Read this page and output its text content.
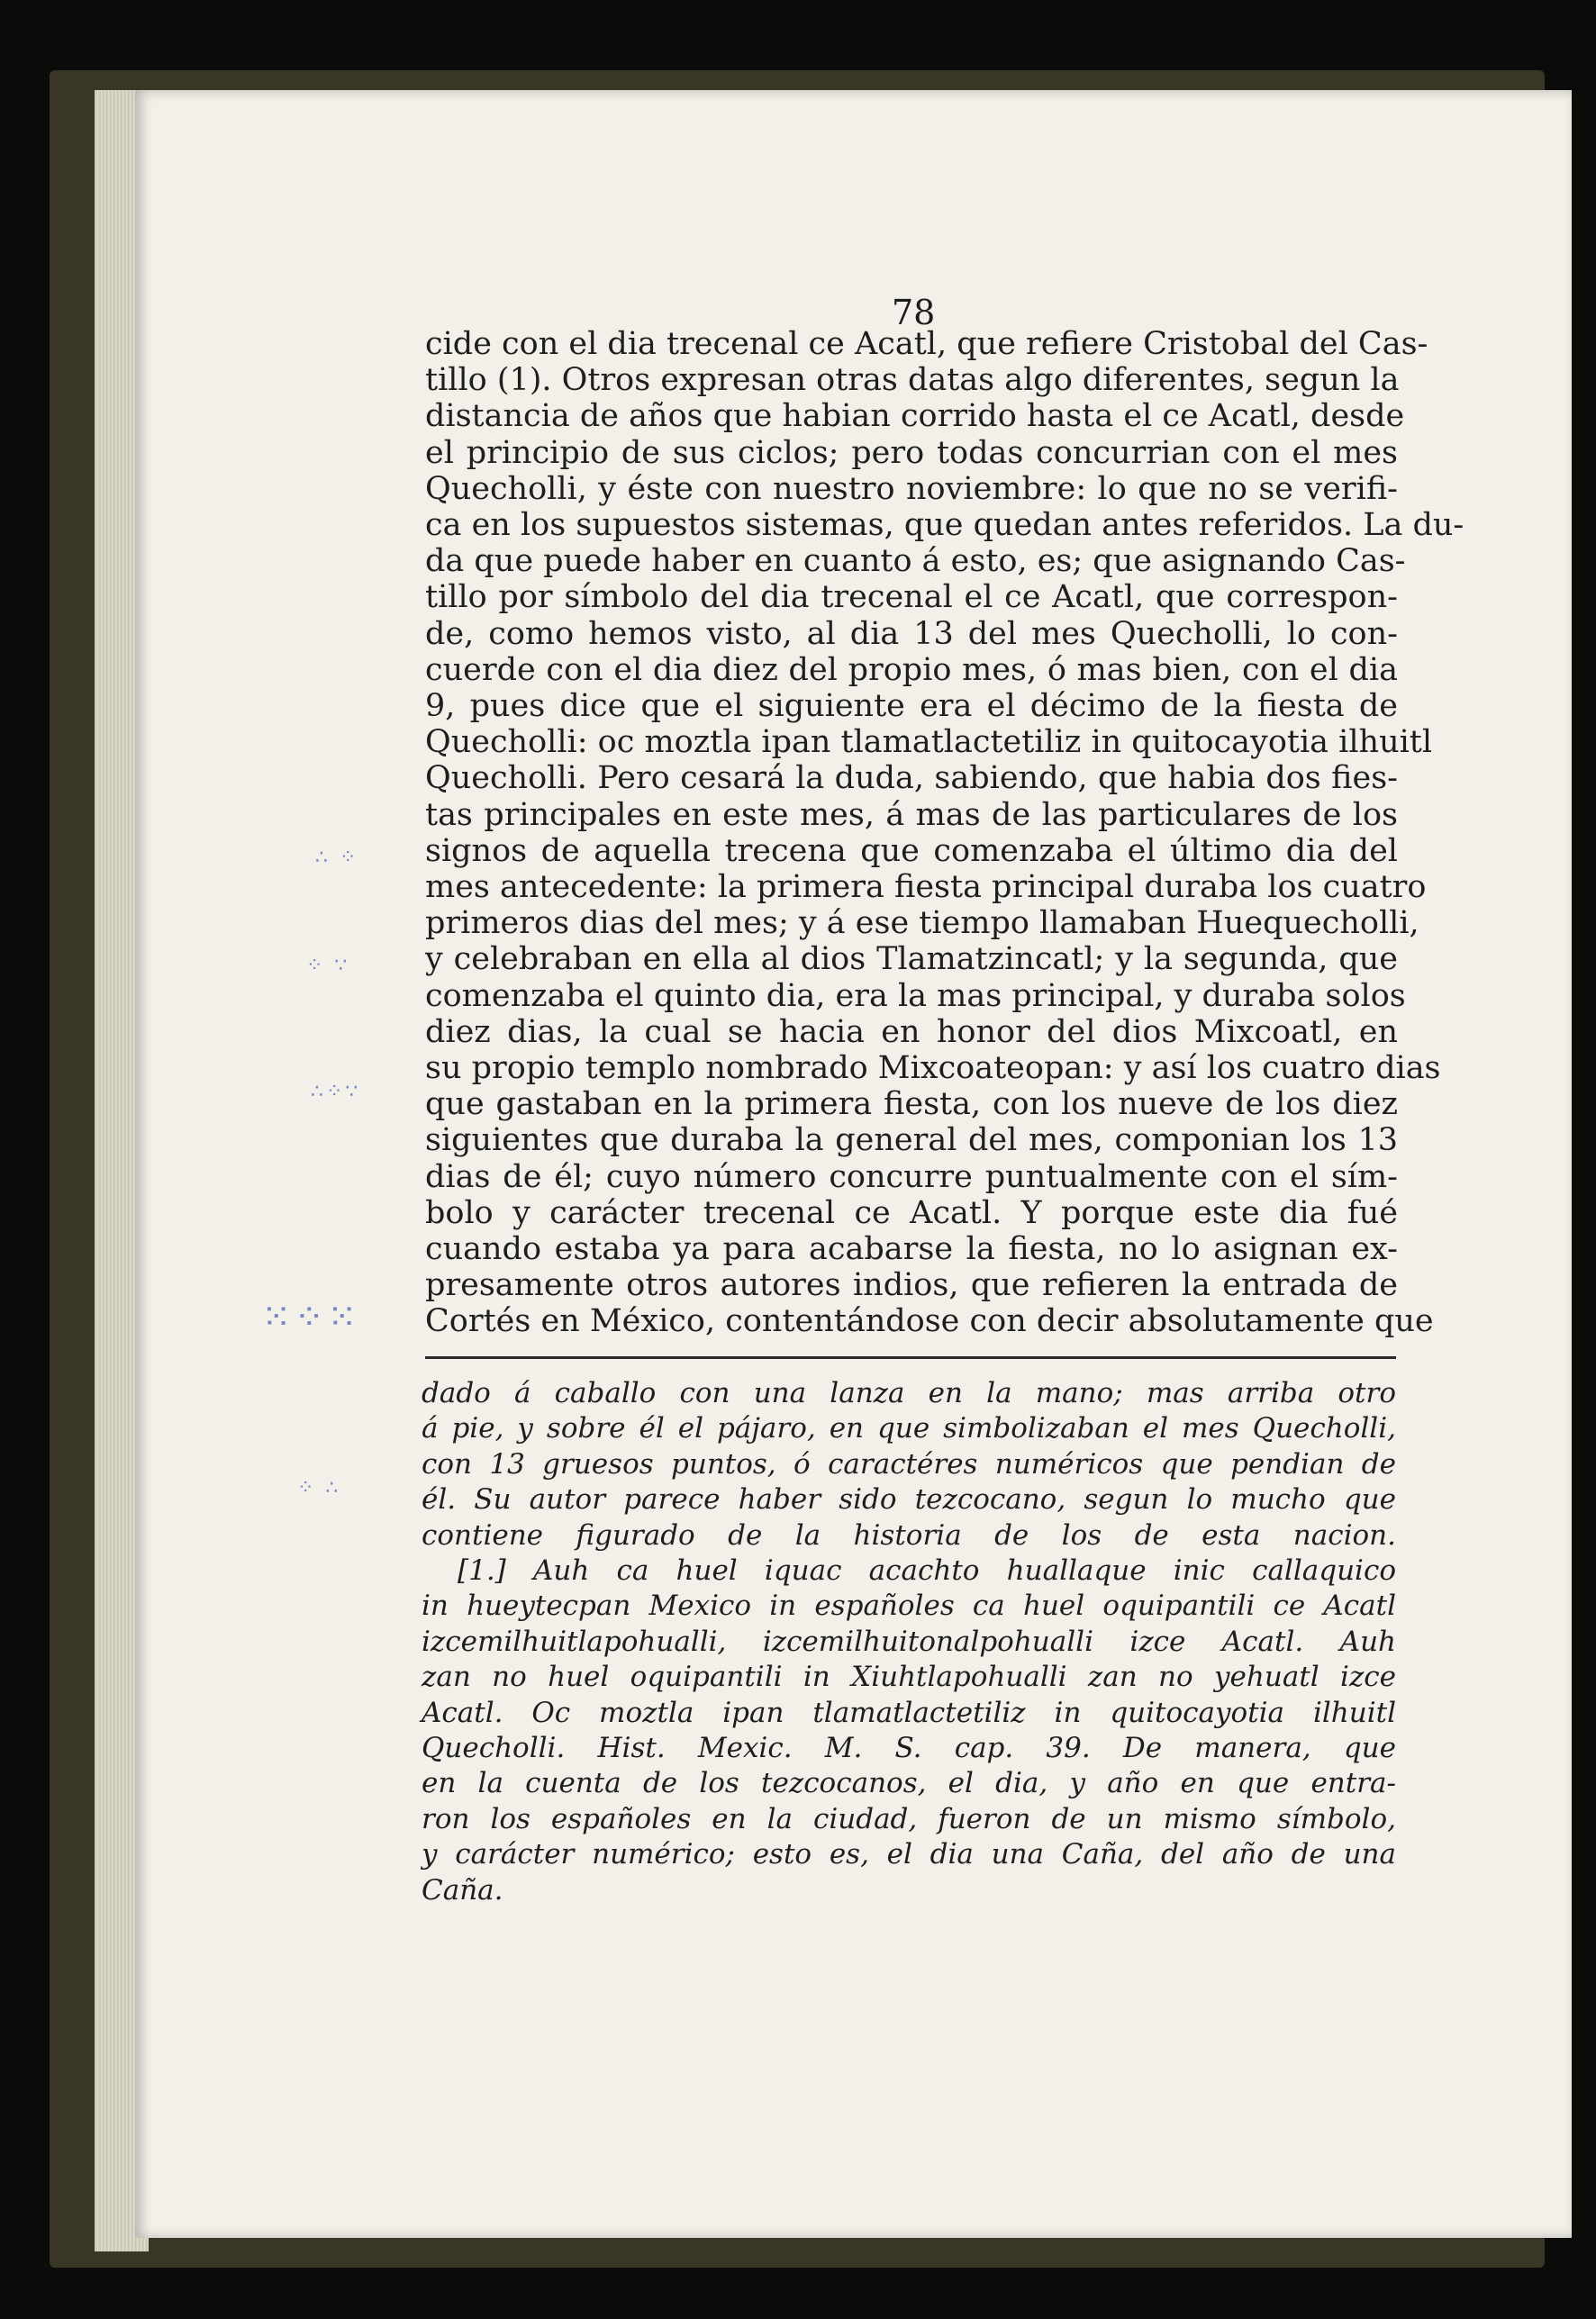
∴ ⁘
⁘ ∵
∴⁘∵
⁙⁘⁙
⁘ ∴
78
cide con el dia trecenal ce Acatl, que refiere Cristobal del Cas-
tillo (1). Otros expresan otras datas algo diferentes, segun la
distancia de años que habian corrido hasta el ce Acatl, desde
el principio de sus ciclos; pero todas concurrian con el mes
Quecholli, y éste con nuestro noviembre: lo que no se verifi-
ca en los supuestos sistemas, que quedan antes referidos. La du-
da que puede haber en cuanto á esto, es; que asignando Cas-
tillo por símbolo del dia trecenal el ce Acatl, que correspon-
de, como hemos visto, al dia 13 del mes Quecholli, lo con-
cuerde con el dia diez del propio mes, ó mas bien, con el dia
9, pues dice que el siguiente era el décimo de la fiesta de
Quecholli: oc moztla ipan tlamatlactetiliz in quitocayotia ilhuitl
Quecholli. Pero cesará la duda, sabiendo, que habia dos fies-
tas principales en este mes, á mas de las particulares de los
signos de aquella trecena que comenzaba el último dia del
mes antecedente: la primera fiesta principal duraba los cuatro
primeros dias del mes; y á ese tiempo llamaban Huequecholli,
y celebraban en ella al dios Tlamatzincatl; y la segunda, que
comenzaba el quinto dia, era la mas principal, y duraba solos
diez dias, la cual se hacia en honor del dios Mixcoatl, en
su propio templo nombrado Mixcoateopan: y así los cuatro dias
que gastaban en la primera fiesta, con los nueve de los diez
siguientes que duraba la general del mes, componian los 13
dias de él; cuyo número concurre puntualmente con el sím-
bolo y carácter trecenal ce Acatl. Y porque este dia fué
cuando estaba ya para acabarse la fiesta, no lo asignan ex-
presamente otros autores indios, que refieren la entrada de
Cortés en México, contentándose con decir absolutamente que
dado á caballo con una lanza en la mano; mas arriba otro
á pie, y sobre él el pájaro, en que simbolizaban el mes Quecholli,
con 13 gruesos puntos, ó caractéres numéricos que pendian de
él. Su autor parece haber sido tezcocano, segun lo mucho que
contiene figurado de la historia de los de esta nacion.
[1.] Auh ca huel iquac acachto huallaque inic callaquico
in hueytecpan Mexico in españoles ca huel oquipantili ce Acatl
izcemilhuitlapohualli, izcemilhuitonalpohualli izce Acatl. Auh
zan no huel oquipantili in Xiuhtlapohualli zan no yehuatl izce
Acatl. Oc moztla ipan tlamatlactetiliz in quitocayotia ilhuitl
Quecholli. Hist. Mexic. M. S. cap. 39. De manera, que
en la cuenta de los tezcocanos, el dia, y año en que entra-
ron los españoles en la ciudad, fueron de un mismo símbolo,
y carácter numérico; esto es, el dia una Caña, del año de una
Caña.
